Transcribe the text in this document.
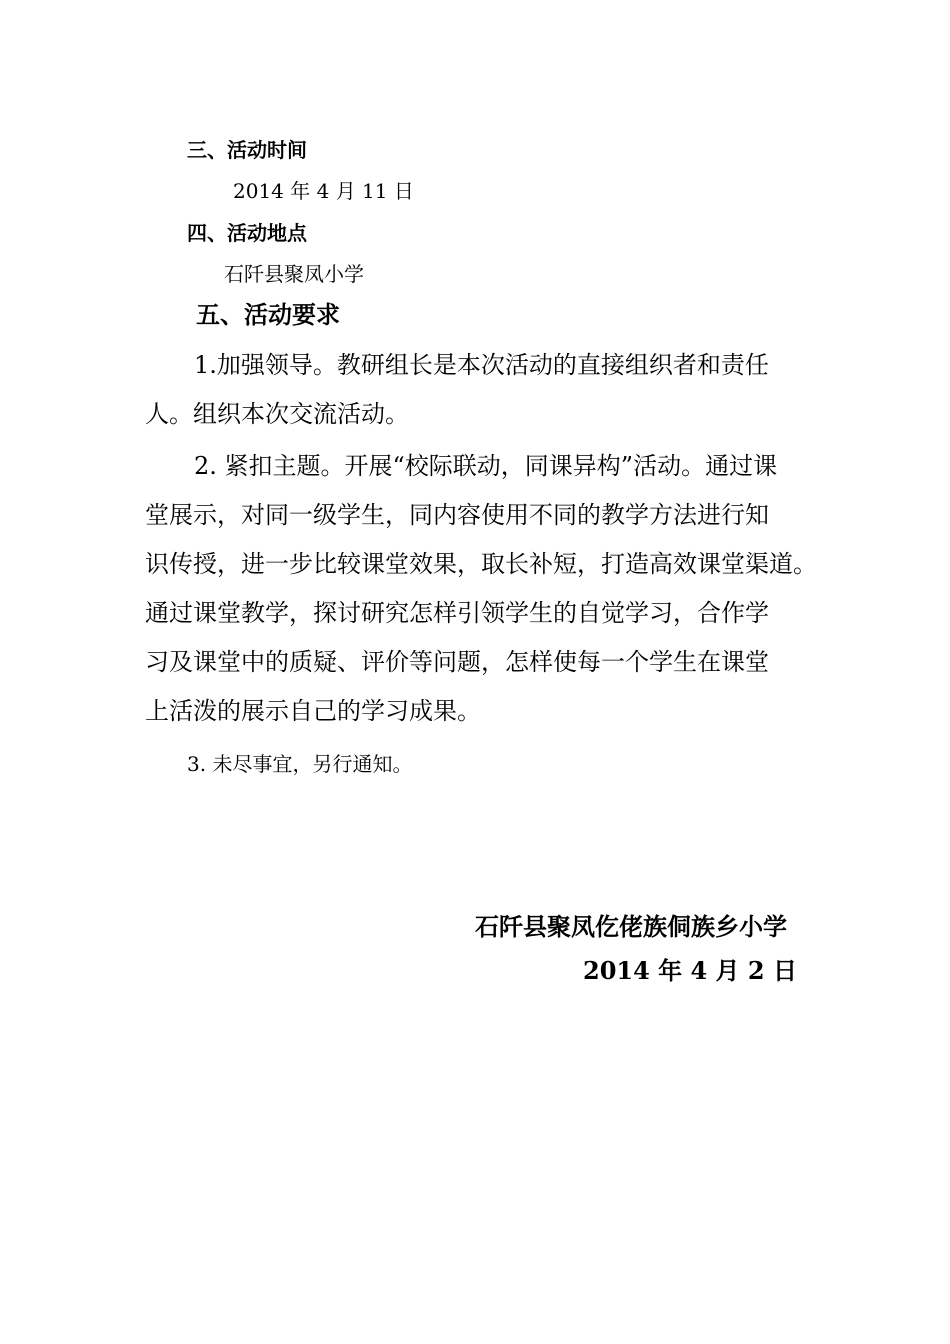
三、活动时间
2014 年 4 月 11 日
四、活动地点
石阡县聚凤小学
五、活动要求
1.加强领导。教研组长是本次活动的直接组织者和责任
人。组织本次交流活动。
2. 紧扣主题。开展“校际联动，同课异构”活动。通过课
堂展示，对同一级学生，同内容使用不同的教学方法进行知
识传授，进一步比较课堂效果，取长补短，打造高效课堂渠道。
通过课堂教学，探讨研究怎样引领学生的自觉学习，合作学
习及课堂中的质疑、评价等问题，怎样使每一个学生在课堂
上活泼的展示自己的学习成果。
3. 未尽事宜，另行通知。
石阡县聚凤仡佬族侗族乡小学
2014 年 4 月 2 日
